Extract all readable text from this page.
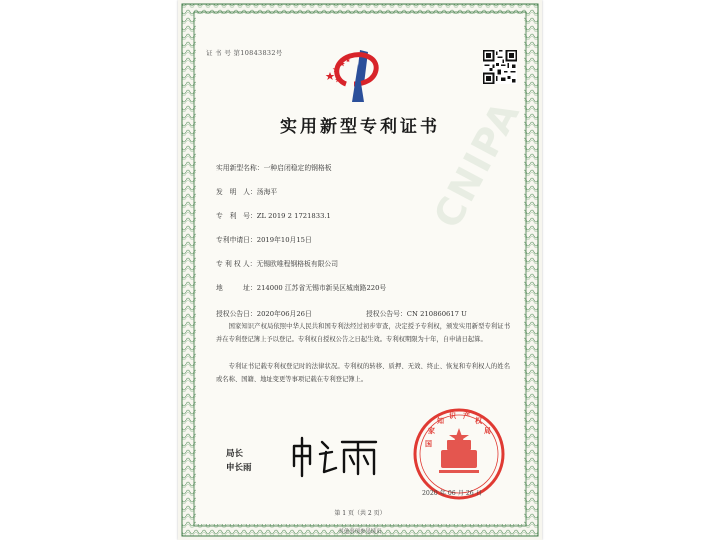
CNIPA
证 书 号 第10843832号
实用新型专利证书
实用新型名称：一种启闭稳定的钢格板
发　明　人：汤海平
专　利　号：ZL 2019 2 1721833.1
专利申请日：2019年10月15日
专 利 权 人：无锡欧唯程钢格板有限公司
地　　　址：214000 江苏省无锡市新吴区城南路220号
授权公告日：2020年06月26日	授权公告号：CN 210860617 U

国家知识产权局依照中华人民共和国专利法经过初步审查，决定授予专利权，颁发实用新型专利证书并在专利登记簿上予以登记。专利权自授权公告之日起生效。专利权期限为十年，自申请日起算。

专利证书记载专利权登记时的法律状况。专利权的转移、质押、无效、终止、恢复和专利权人的姓名或名称、国籍、地址变更等事项记载在专利登记簿上。

局长
申长雨
国
家
知
识 产
权
局
2020 年 06 月 26 日
第 1 页（共 2 页）
其他事项参见续页
